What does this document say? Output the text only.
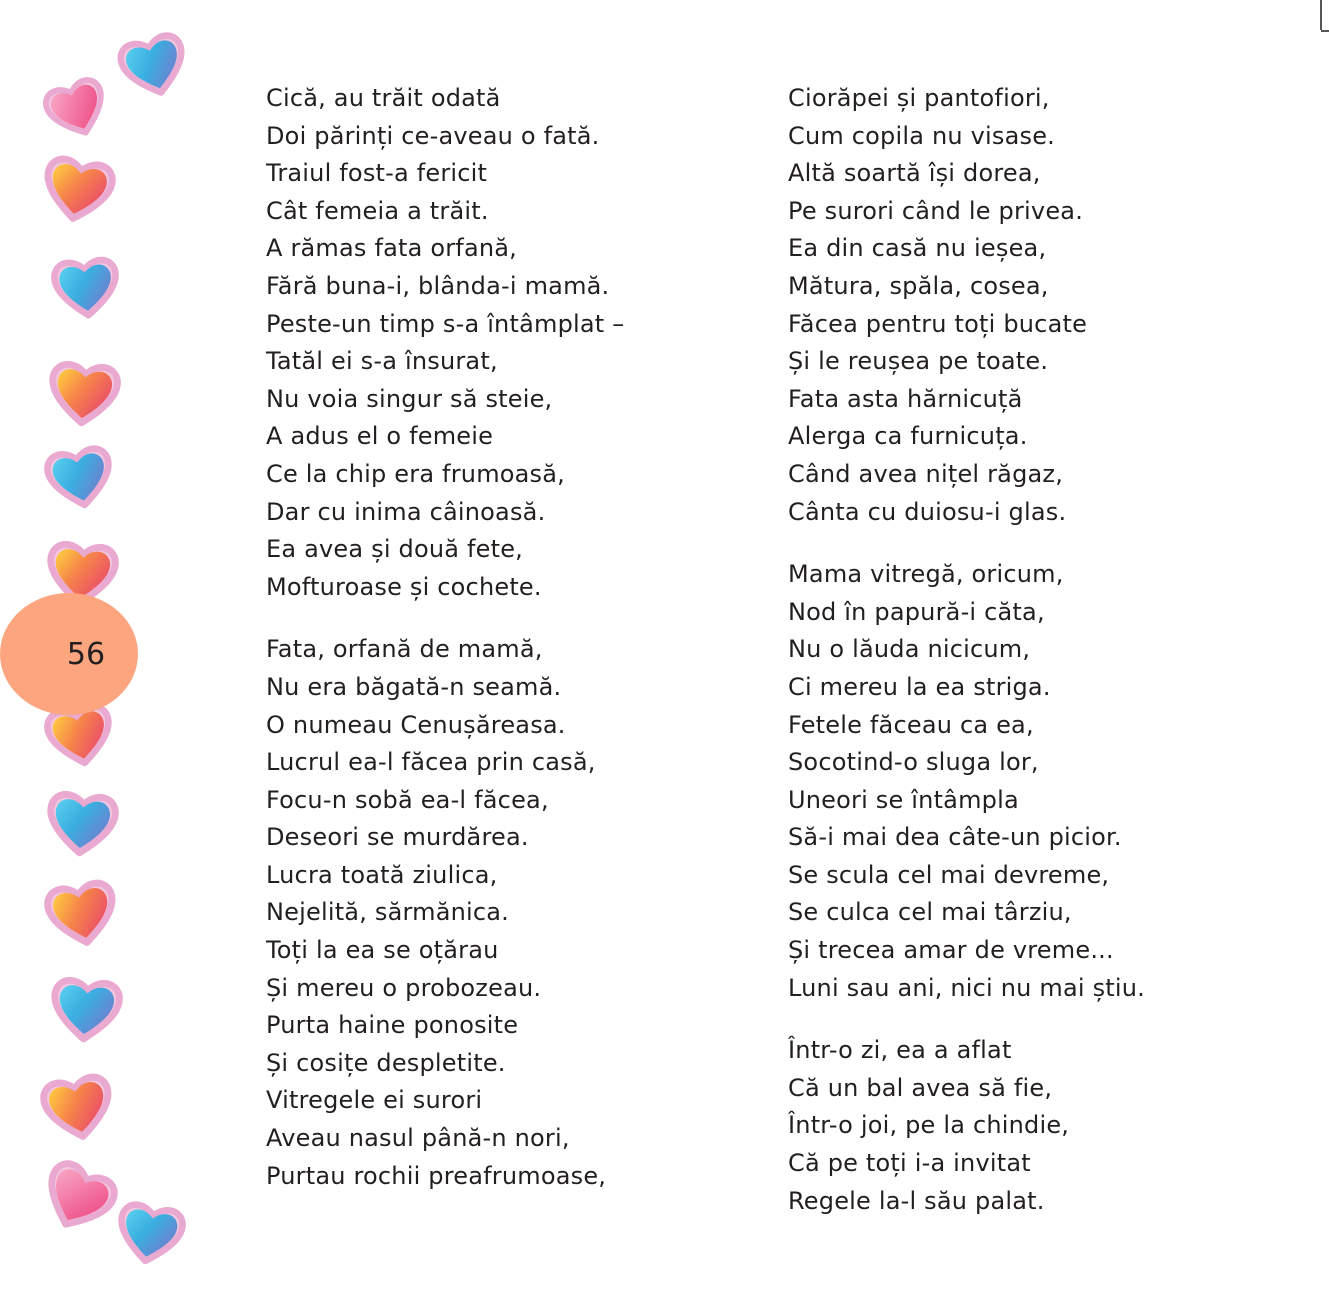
56
Cică, au trăit odată
Doi părinți ce-aveau o fată.
Traiul fost-a fericit
Cât femeia a trăit.
A rămas fata orfană,
Fără buna-i, blânda-i mamă.
Peste-un timp s-a întâmplat –
Tatăl ei s-a însurat,
Nu voia singur să steie,
A adus el o femeie
Ce la chip era frumoasă,
Dar cu inima câinoasă.
Ea avea și două fete,
Mofturoase și cochete.
Fata, orfană de mamă,
Nu era băgată-n seamă.
O numeau Cenușăreasa.
Lucrul ea-l făcea prin casă,
Focu-n sobă ea-l făcea,
Deseori se murdărea.
Lucra toată ziulica,
Nejelită, sărmănica.
Toți la ea se oțărau
Și mereu o probozeau.
Purta haine ponosite
Și cosițe despletite.
Vitregele ei surori
Aveau nasul până-n nori,
Purtau rochii preafrumoase,
Ciorăpei și pantofiori,
Cum copila nu visase.
Altă soartă își dorea,
Pe surori când le privea.
Ea din casă nu ieșea,
Mătura, spăla, cosea,
Făcea pentru toți bucate
Și le reușea pe toate.
Fata asta hărnicuță
Alerga ca furnicuța.
Când avea nițel răgaz,
Cânta cu duiosu-i glas.
Mama vitregă, oricum,
Nod în papură-i căta,
Nu o lăuda nicicum,
Ci mereu la ea striga.
Fetele făceau ca ea,
Socotind-o sluga lor,
Uneori se întâmpla
Să-i mai dea câte-un picior.
Se scula cel mai devreme,
Se culca cel mai târziu,
Și trecea amar de vreme...
Luni sau ani, nici nu mai știu.
Într-o zi, ea a aflat
Că un bal avea să fie,
Într-o joi, pe la chindie,
Că pe toți i-a invitat
Regele la-l său palat.
